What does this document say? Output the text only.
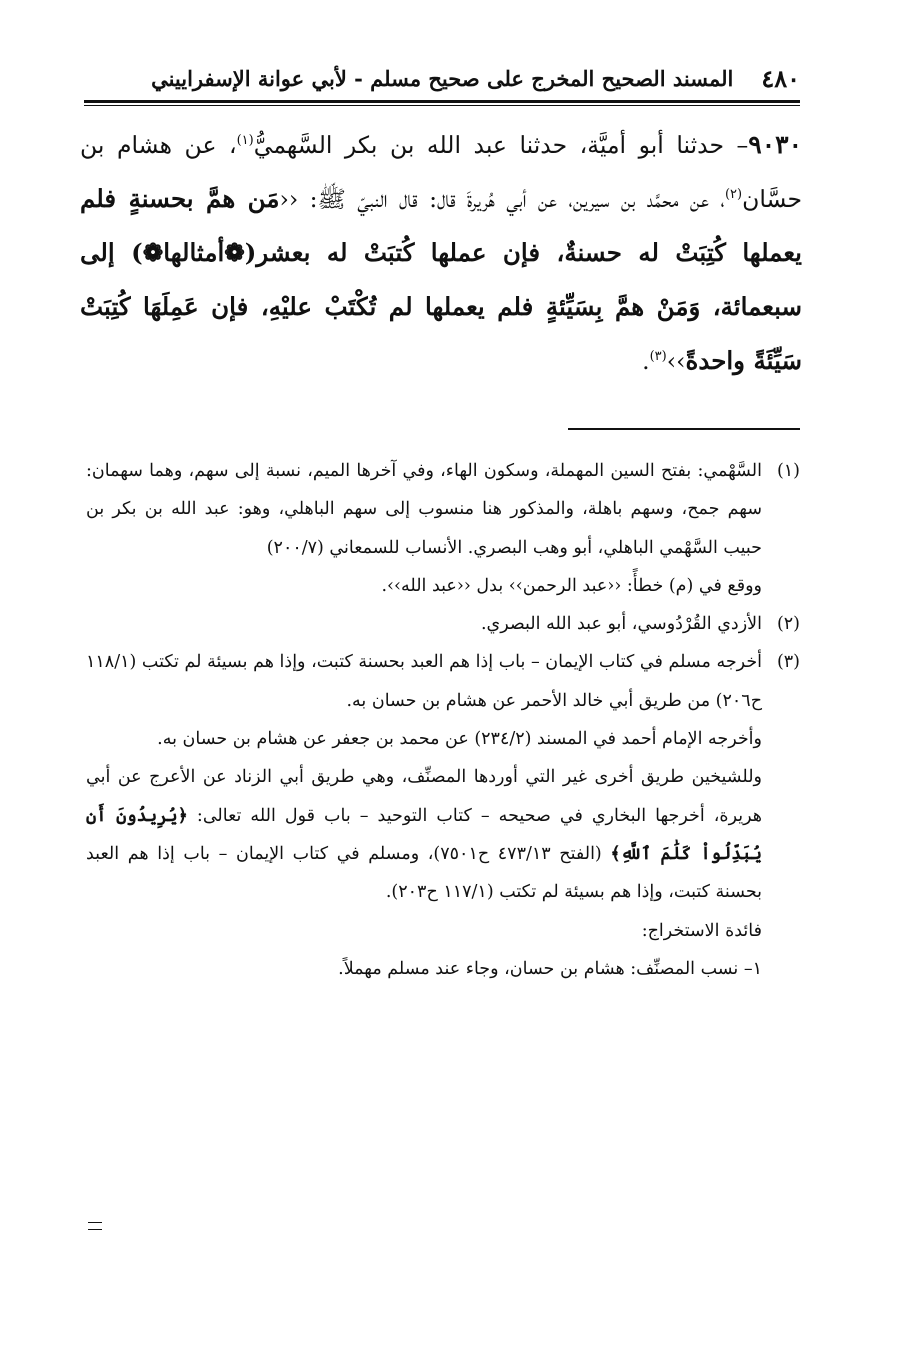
٤٨٠
المسند الصحيح المخرج على صحيح مسلم - لأبي عوانة الإسفراييني

٩٠٣٠– حدثنا أبو أميَّة، حدثنا عبد الله بن بكر السَّهميُّ$^{(١)}$، عن هشام بن حسَّان$^{(٢)}$، عن محمَّد بن سيرين، عن أبي هُريرةَ قال: قال النبيّ ﷺ: ‹‹مَن همَّ بحسنةٍ فلم يعملها كُتِبَتْ له حسنةٌ، فإن عملها كُتبَتْ له بعشر(❁أمثالها❁) إلى سبعمائة، وَمَنْ همَّ بِسَيِّئةٍ فلم يعملها لم تُكْتَبْ عليْهِ، فإن عَمِلَهَا كُتِبَتْ سَيِّئَةً واحدةً››$^{(٣)}$.

(١)السَّهْمي: بفتح السين المهملة، وسكون الهاء، وفي آخرها الميم، نسبة إلى سهم، وهما سهمان: سهم جمح، وسهم باهلة، والمذكور هنا منسوب إلى سهم الباهلي، وهو: عبد الله بن بكر بن حبيب السَّهْمي الباهلي، أبو وهب البصري. الأنساب للسمعاني (٢٠٠/٧)

ووقع في (م) خطأً: ‹‹عبد الرحمن›› بدل ‹‹عبد الله››.

(٢)الأزدي القُرْدُوسي، أبو عبد الله البصري.

(٣)أخرجه مسلم في كتاب الإيمان – باب إذا هم العبد بحسنة كتبت، وإذا هم بسيئة لم تكتب (١١٨/١ ح٢٠٦) من طريق أبي خالد الأحمر عن هشام بن حسان به.

وأخرجه الإمام أحمد في المسند (٢٣٤/٢) عن محمد بن جعفر عن هشام بن حسان به.

وللشيخين طريق أخرى غير التي أوردها المصنِّف، وهي طريق أبي الزناد عن الأعرج عن أبي هريرة، أخرجها البخاري في صحيحه – كتاب التوحيد – باب قول الله تعالى: ﴿يُرِيدُونَ أَن يُبَدِّلُواْ كَلَٰمَ ٱللَّهِ﴾ (الفتح ٤٧٣/١٣ ح٧٥٠١)، ومسلم في كتاب الإيمان – باب إذا هم العبد بحسنة كتبت، وإذا هم بسيئة لم تكتب (١١٧/١ ح٢٠٣).

فائدة الاستخراج:

١– نسب المصنِّف: هشام بن حسان، وجاء عند مسلم مهملاً.
